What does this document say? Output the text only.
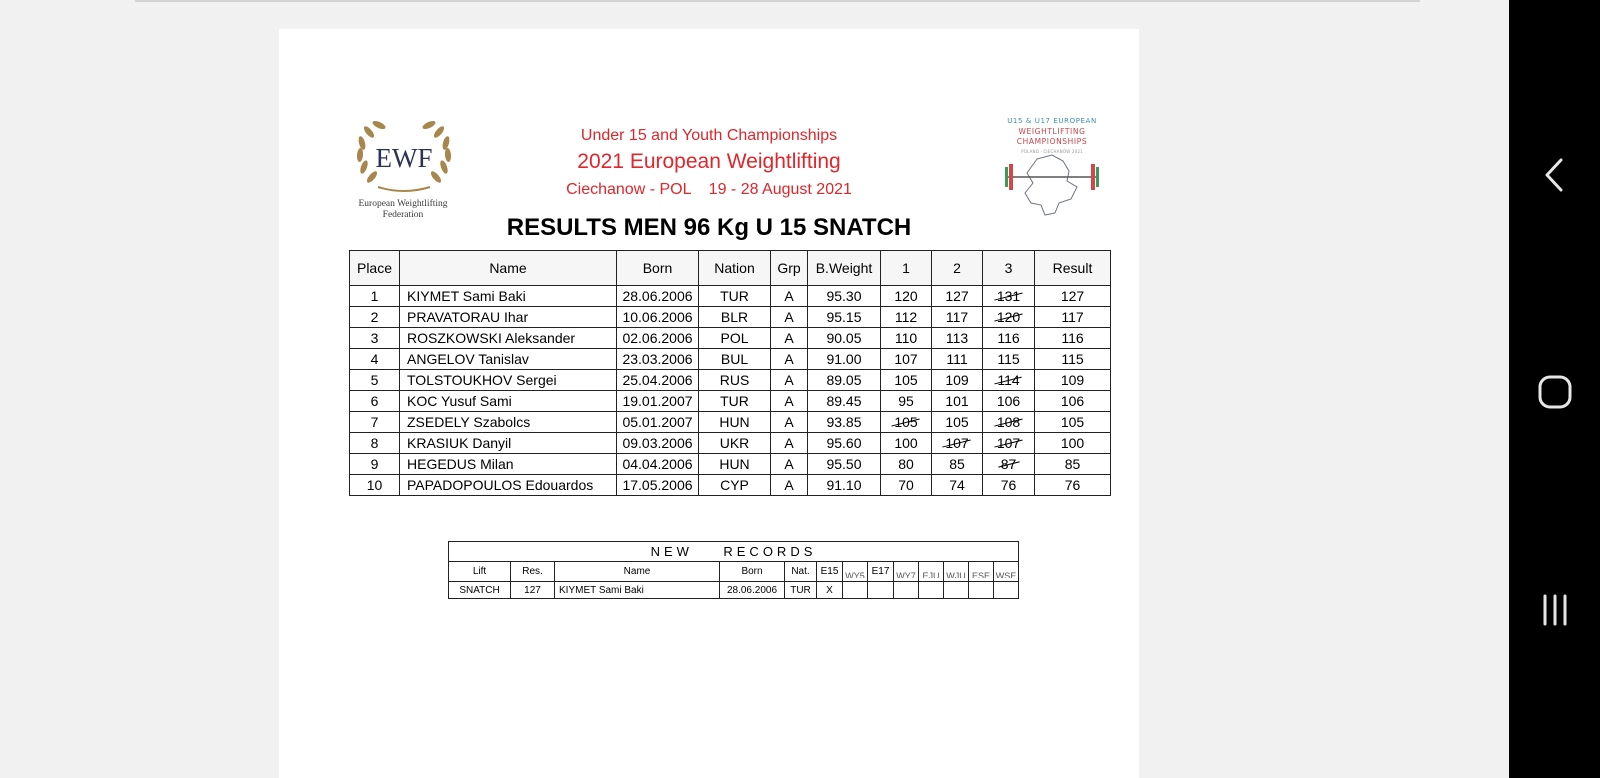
EWF
European Weightlifting
Federation
U15 & U17 EUROPEAN
WEIGHTLIFTING
CHAMPIONSHIPS
POLAND · CIECHANÓW 2021
Under 15 and Youth Championships
2021 European Weightlifting
Ciechanow - POL    19 - 28 August 2021
RESULTS MEN 96 Kg U 15 SNATCH
Place	Name	Born	Nation	Grp	B.Weight	1	2	3	Result
1	KIYMET Sami Baki	28.06.2006	TUR	A	95.30	120	127	131	127
2	PRAVATORAU Ihar	10.06.2006	BLR	A	95.15	112	117	120	117
3	ROSZKOWSKI Aleksander	02.06.2006	POL	A	90.05	110	113	116	116
4	ANGELOV Tanislav	23.03.2006	BUL	A	91.00	107	111	115	115
5	TOLSTOUKHOV Sergei	25.04.2006	RUS	A	89.05	105	109	114	109
6	KOC Yusuf Sami	19.01.2007	TUR	A	89.45	95	101	106	106
7	ZSEDELY Szabolcs	05.01.2007	HUN	A	93.85	105	105	108	105
8	KRASIUK Danyil	09.03.2006	UKR	A	95.60	100	107	107	100
9	HEGEDUS Milan	04.04.2006	HUN	A	95.50	80	85	87	85
10	PAPADOPOULOS Edouardos	17.05.2006	CYP	A	91.10	70	74	76	76
NEW    RECORDS												
Lift	Res.	Name	Born	Nat.	E15	WY5	E17	WY7	EJU	WJU	ESE	WSE

SNATCH	127	KIYMET Sami Baki	28.06.2006	TUR	X							
